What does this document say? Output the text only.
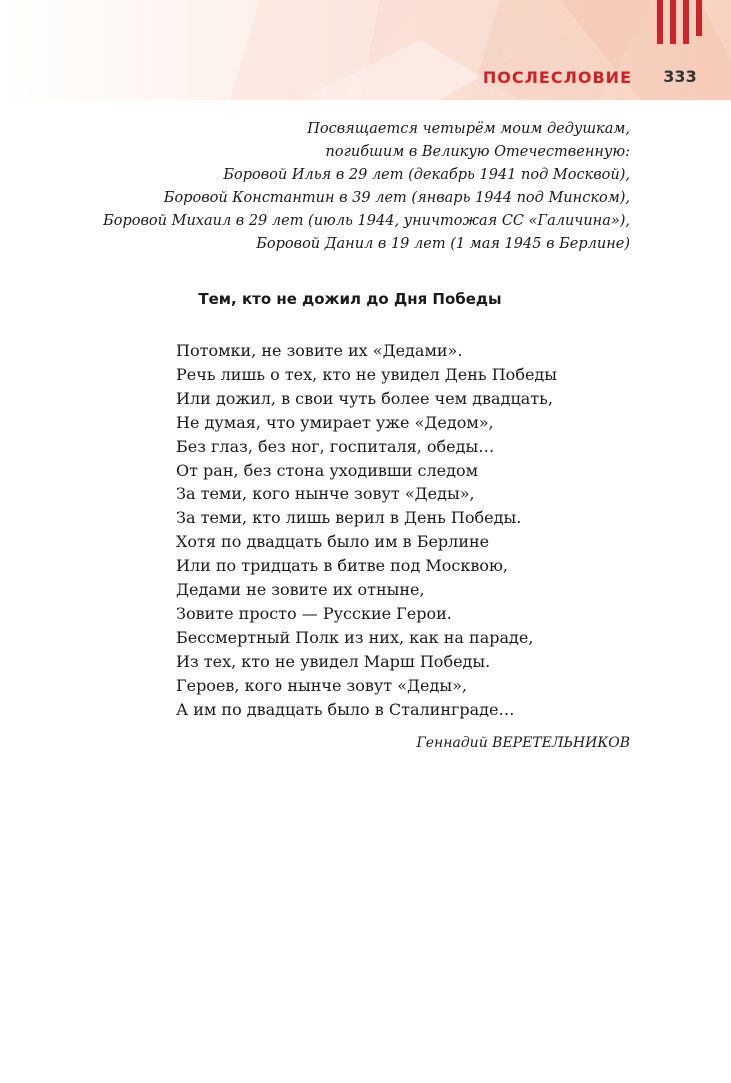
ПОСЛЕСЛОВИЕ	333
Посвящается четырём моим дедушкам,
погибшим в Великую Отечественную:
Боровой Илья в 29 лет (декабрь 1941 под Москвой),
Боровой Константин в 39 лет (январь 1944 под Минском),
Боровой Михаил в 29 лет (июль 1944, уничтожая СС «Галичина»),
Боровой Данил в 19 лет (1 мая 1945 в Берлине)
Тем, кто не дожил до Дня Победы
Потомки, не зовите их «Дедами».
Речь лишь о тех, кто не увидел День Победы
Или дожил, в свои чуть более чем двадцать,
Не думая, что умирает уже «Дедом»,
Без глаз, без ног, госпиталя, обеды…
От ран, без стона уходивши следом
За теми, кого нынче зовут «Деды»,
За теми, кто лишь верил в День Победы.
Хотя по двадцать было им в Берлине
Или по тридцать в битве под Москвою,
Дедами не зовите их отныне,
Зовите просто — Русские Герои.
Бессмертный Полк из них, как на параде,
Из тех, кто не увидел Марш Победы.
Героев, кого нынче зовут «Деды»,
А им по двадцать было в Сталинграде…
Геннадий ВЕРЕТЕЛЬНИКОВ
